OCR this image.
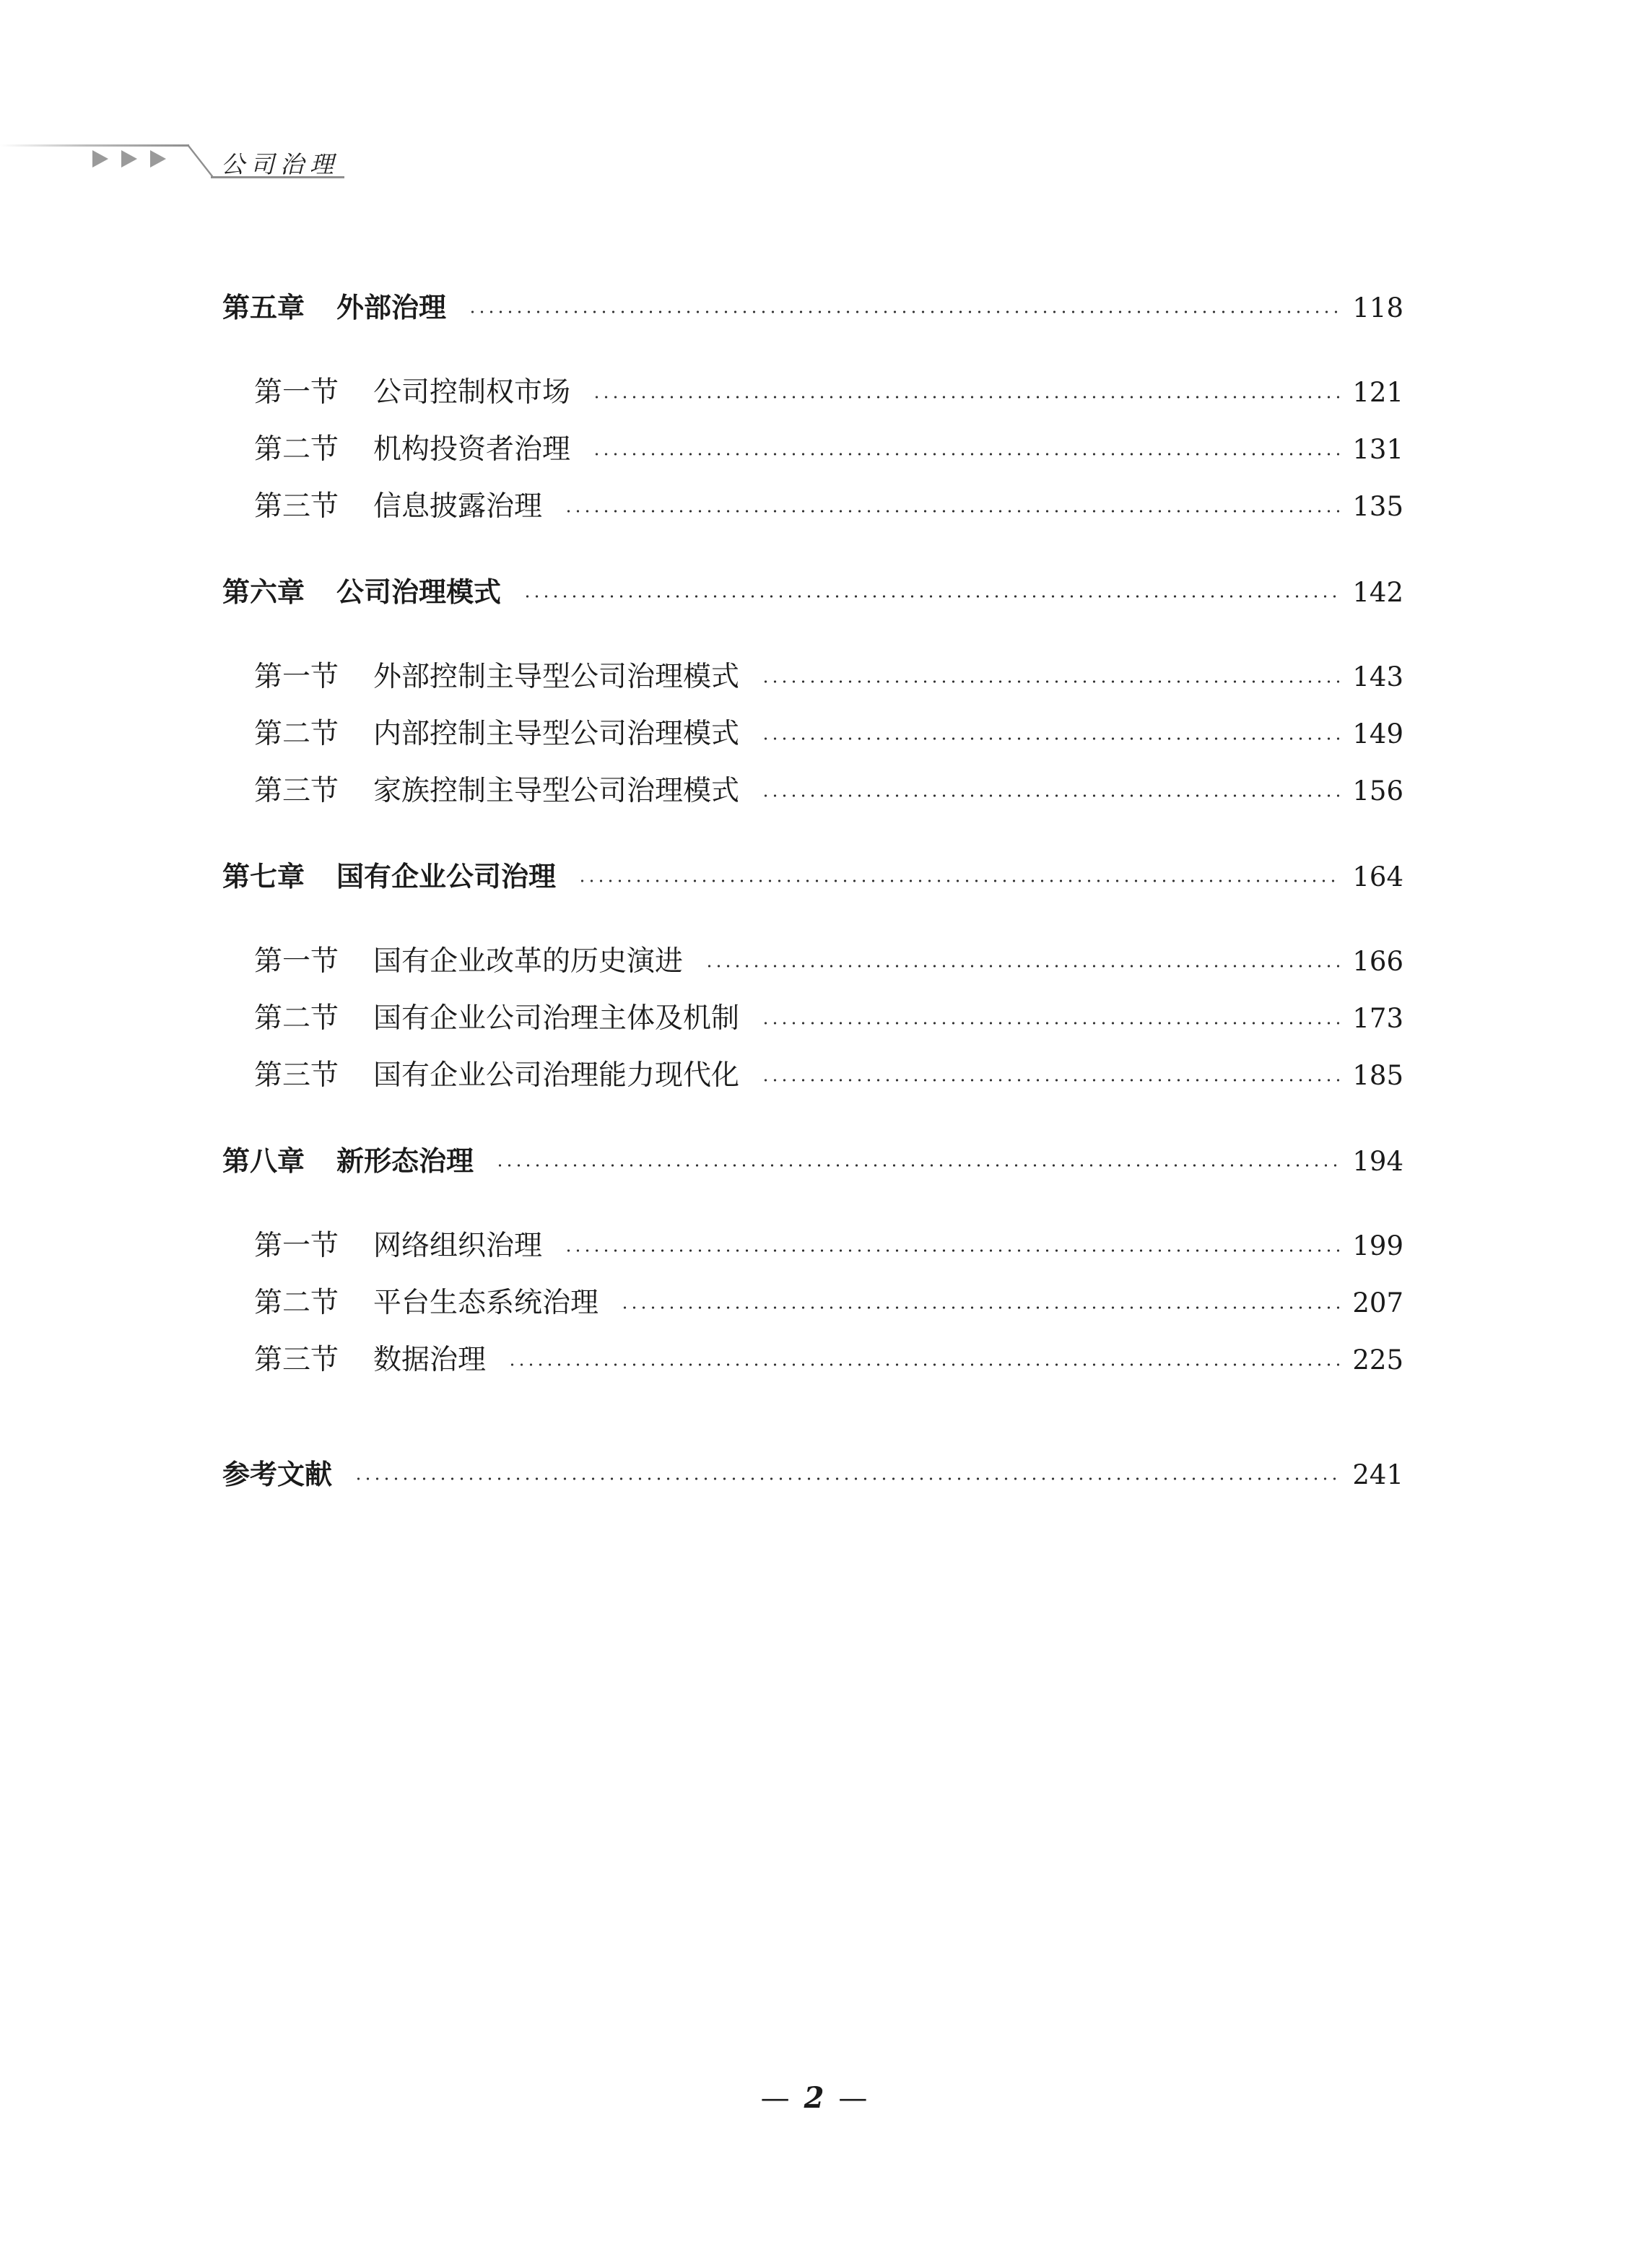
公司治理
第五章	外部治理	118
第一节	公司控制权市场	121
第二节	机构投资者治理	131
第三节	信息披露治理	135
第六章	公司治理模式	142
第一节	外部控制主导型公司治理模式	143
第二节	内部控制主导型公司治理模式	149
第三节	家族控制主导型公司治理模式	156
第七章	国有企业公司治理	164
第一节	国有企业改革的历史演进	166
第二节	国有企业公司治理主体及机制	173
第三节	国有企业公司治理能力现代化	185
第八章	新形态治理	194
第一节	网络组织治理	199
第二节	平台生态系统治理	207
第三节	数据治理	225
参考文献	241
— 2 —
